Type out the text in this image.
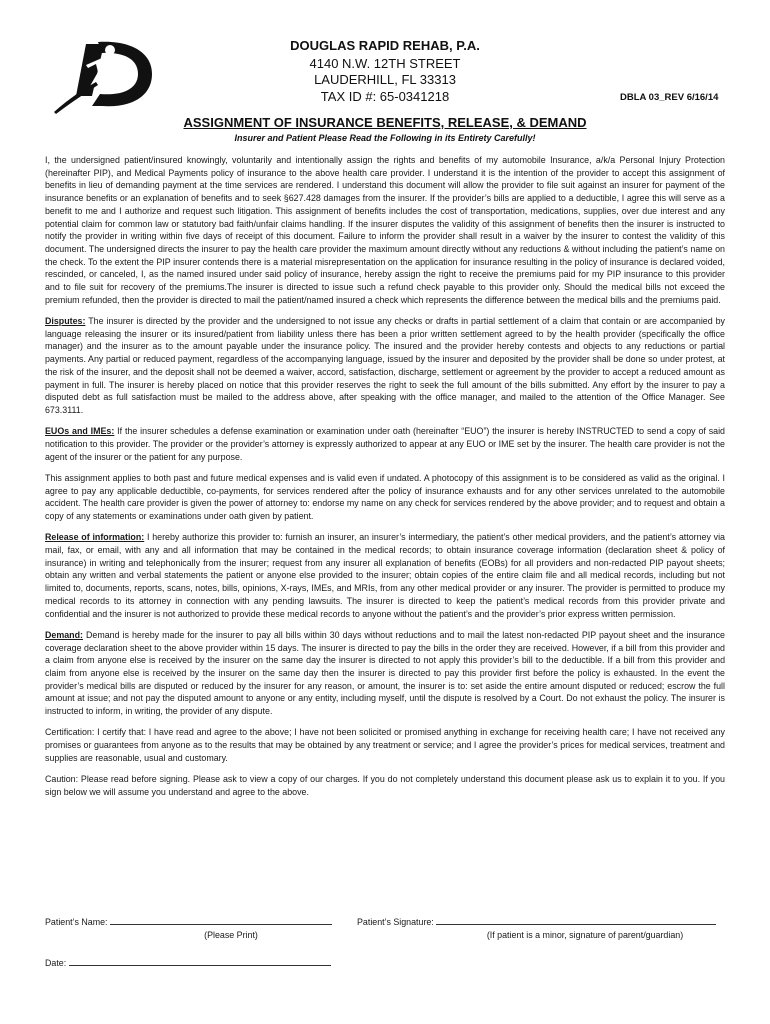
DOUGLAS RAPID REHAB, P.A.
4140 N.W. 12TH STREET
LAUDERHILL, FL 33313
TAX ID #: 65-0341218	DBLA 03_REV 6/16/14
ASSIGNMENT OF INSURANCE BENEFITS, RELEASE, & DEMAND
Insurer and Patient Please Read the Following in its Entirety Carefully!

I, the undersigned patient/insured knowingly, voluntarily and intentionally assign the rights and benefits of my automobile Insurance, a/k/a Personal Injury Protection (hereinafter PIP), and Medical Payments policy of insurance to the above health care provider. I understand it is the intention of the provider to accept this assignment of benefits in lieu of demanding payment at the time services are rendered. I understand this document will allow the provider to file suit against an insurer for payment of the insurance benefits or an explanation of benefits and to seek §627.428 damages from the insurer. If the provider’s bills are applied to a deductible, I agree this will serve as a benefit to me and I authorize and request such litigation. This assignment of benefits includes the cost of transportation, medications, supplies, over due interest and any potential claim for common law or statutory bad faith/unfair claims handling. If the insurer disputes the validity of this assignment of benefits then the insurer is instructed to notify the provider in writing within five days of receipt of this document. Failure to inform the provider shall result in a waiver by the insurer to contest the validity of this document. The undersigned directs the insurer to pay the health care provider the maximum amount directly without any reductions & without including the patient’s name on the check. To the extent the PIP insurer contends there is a material misrepresentation on the application for insurance resulting in the policy of insurance is declared voided, rescinded, or canceled, I, as the named insured under said policy of insurance, hereby assign the right to receive the premiums paid for my PIP insurance to this provider and to file suit for recovery of the premiums.The insurer is directed to issue such a refund check payable to this provider only. Should the medical bills not exceed the premium refunded, then the provider is directed to mail the patient/named insured a check which represents the difference between the medical bills and the premiums paid.

Disputes: The insurer is directed by the provider and the undersigned to not issue any checks or drafts in partial settlement of a claim that contain or are accompanied by language releasing the insurer or its insured/patient from liability unless there has been a prior written settlement agreed to by the health provider (specifically the office manager) and the insurer as to the amount payable under the insurance policy. The insured and the provider hereby contests and objects to any reductions or partial payments. Any partial or reduced payment, regardless of the accompanying language, issued by the insurer and deposited by the provider shall be done so under protest, at the risk of the insurer, and the deposit shall not be deemed a waiver, accord, satisfaction, discharge, settlement or agreement by the provider to accept a reduced amount as payment in full. The insurer is hereby placed on notice that this provider reserves the right to seek the full amount of the bills submitted. Any effort by the insurer to pay a disputed debt as full satisfaction must be mailed to the address above, after speaking with the office manager, and mailed to the attention of the Office Manager. See 673.3111.

EUOs and IMEs: If the insurer schedules a defense examination or examination under oath (hereinafter “EUO”) the insurer is hereby INSTRUCTED to send a copy of said notification to this provider. The provider or the provider’s attorney is expressly authorized to appear at any EUO or IME set by the insurer. The health care provider is not the agent of the insurer or the patient for any purpose.

This assignment applies to both past and future medical expenses and is valid even if undated. A photocopy of this assignment is to be considered as valid as the original. I agree to pay any applicable deductible, co-payments, for services rendered after the policy of insurance exhausts and for any other services unrelated to the automobile accident. The health care provider is given the power of attorney to: endorse my name on any check for services rendered by the above provider; and to request and obtain a copy of any statements or examinations under oath given by patient.

Release of information: I hereby authorize this provider to: furnish an insurer, an insurer’s intermediary, the patient’s other medical providers, and the patient’s attorney via mail, fax, or email, with any and all information that may be contained in the medical records; to obtain insurance coverage information (declaration sheet & policy of insurance) in writing and telephonically from the insurer; request from any insurer all explanation of benefits (EOBs) for all providers and non-redacted PIP payout sheets; obtain any written and verbal statements the patient or anyone else provided to the insurer; obtain copies of the entire claim file and all medical records, including but not limited to, documents, reports, scans, notes, bills, opinions, X-rays, IMEs, and MRIs, from any other medical provider or any insurer. The provider is permitted to produce my medical records to its attorney in connection with any pending lawsuits. The insurer is directed to keep the patient’s medical records from this provider private and confidential and the insurer is not authorized to provide these medical records to anyone without the patient’s and the provider’s prior express written permission.

Demand: Demand is hereby made for the insurer to pay all bills within 30 days without reductions and to mail the latest non-redacted PIP payout sheet and the insurance coverage declaration sheet to the above provider within 15 days. The insurer is directed to pay the bills in the order they are received. However, if a bill from this provider and a claim from anyone else is received by the insurer on the same day the insurer is directed to not apply this provider’s bill to the deductible. If a bill from this provider and claim from anyone else is received by the insurer on the same day then the insurer is directed to pay this provider first before the policy is exhausted. In the event the provider’s medical bills are disputed or reduced by the insurer for any reason, or amount, the insurer is to: set aside the entire amount disputed or reduced; escrow the full amount at issue; and not pay the disputed amount to anyone or any entity, including myself, until the dispute is resolved by a Court. Do not exhaust the policy. The insurer is instructed to inform, in writing, the provider of any dispute.

Certification: I certify that: I have read and agree to the above; I have not been solicited or promised anything in exchange for receiving health care; I have not received any promises or guarantees from anyone as to the results that may be obtained by any treatment or service; and I agree the provider’s prices for medical services, treatment and supplies are reasonable, usual and customary.

Caution: Please read before signing. Please ask to view a copy of our charges. If you do not completely understand this document please ask us to explain it to you. If you sign below we will assume you understand and agree to the above.

Patient’s Name:
(Please Print)
Patient’s Signature:
(If patient is a minor, signature of parent/guardian)
Date:
